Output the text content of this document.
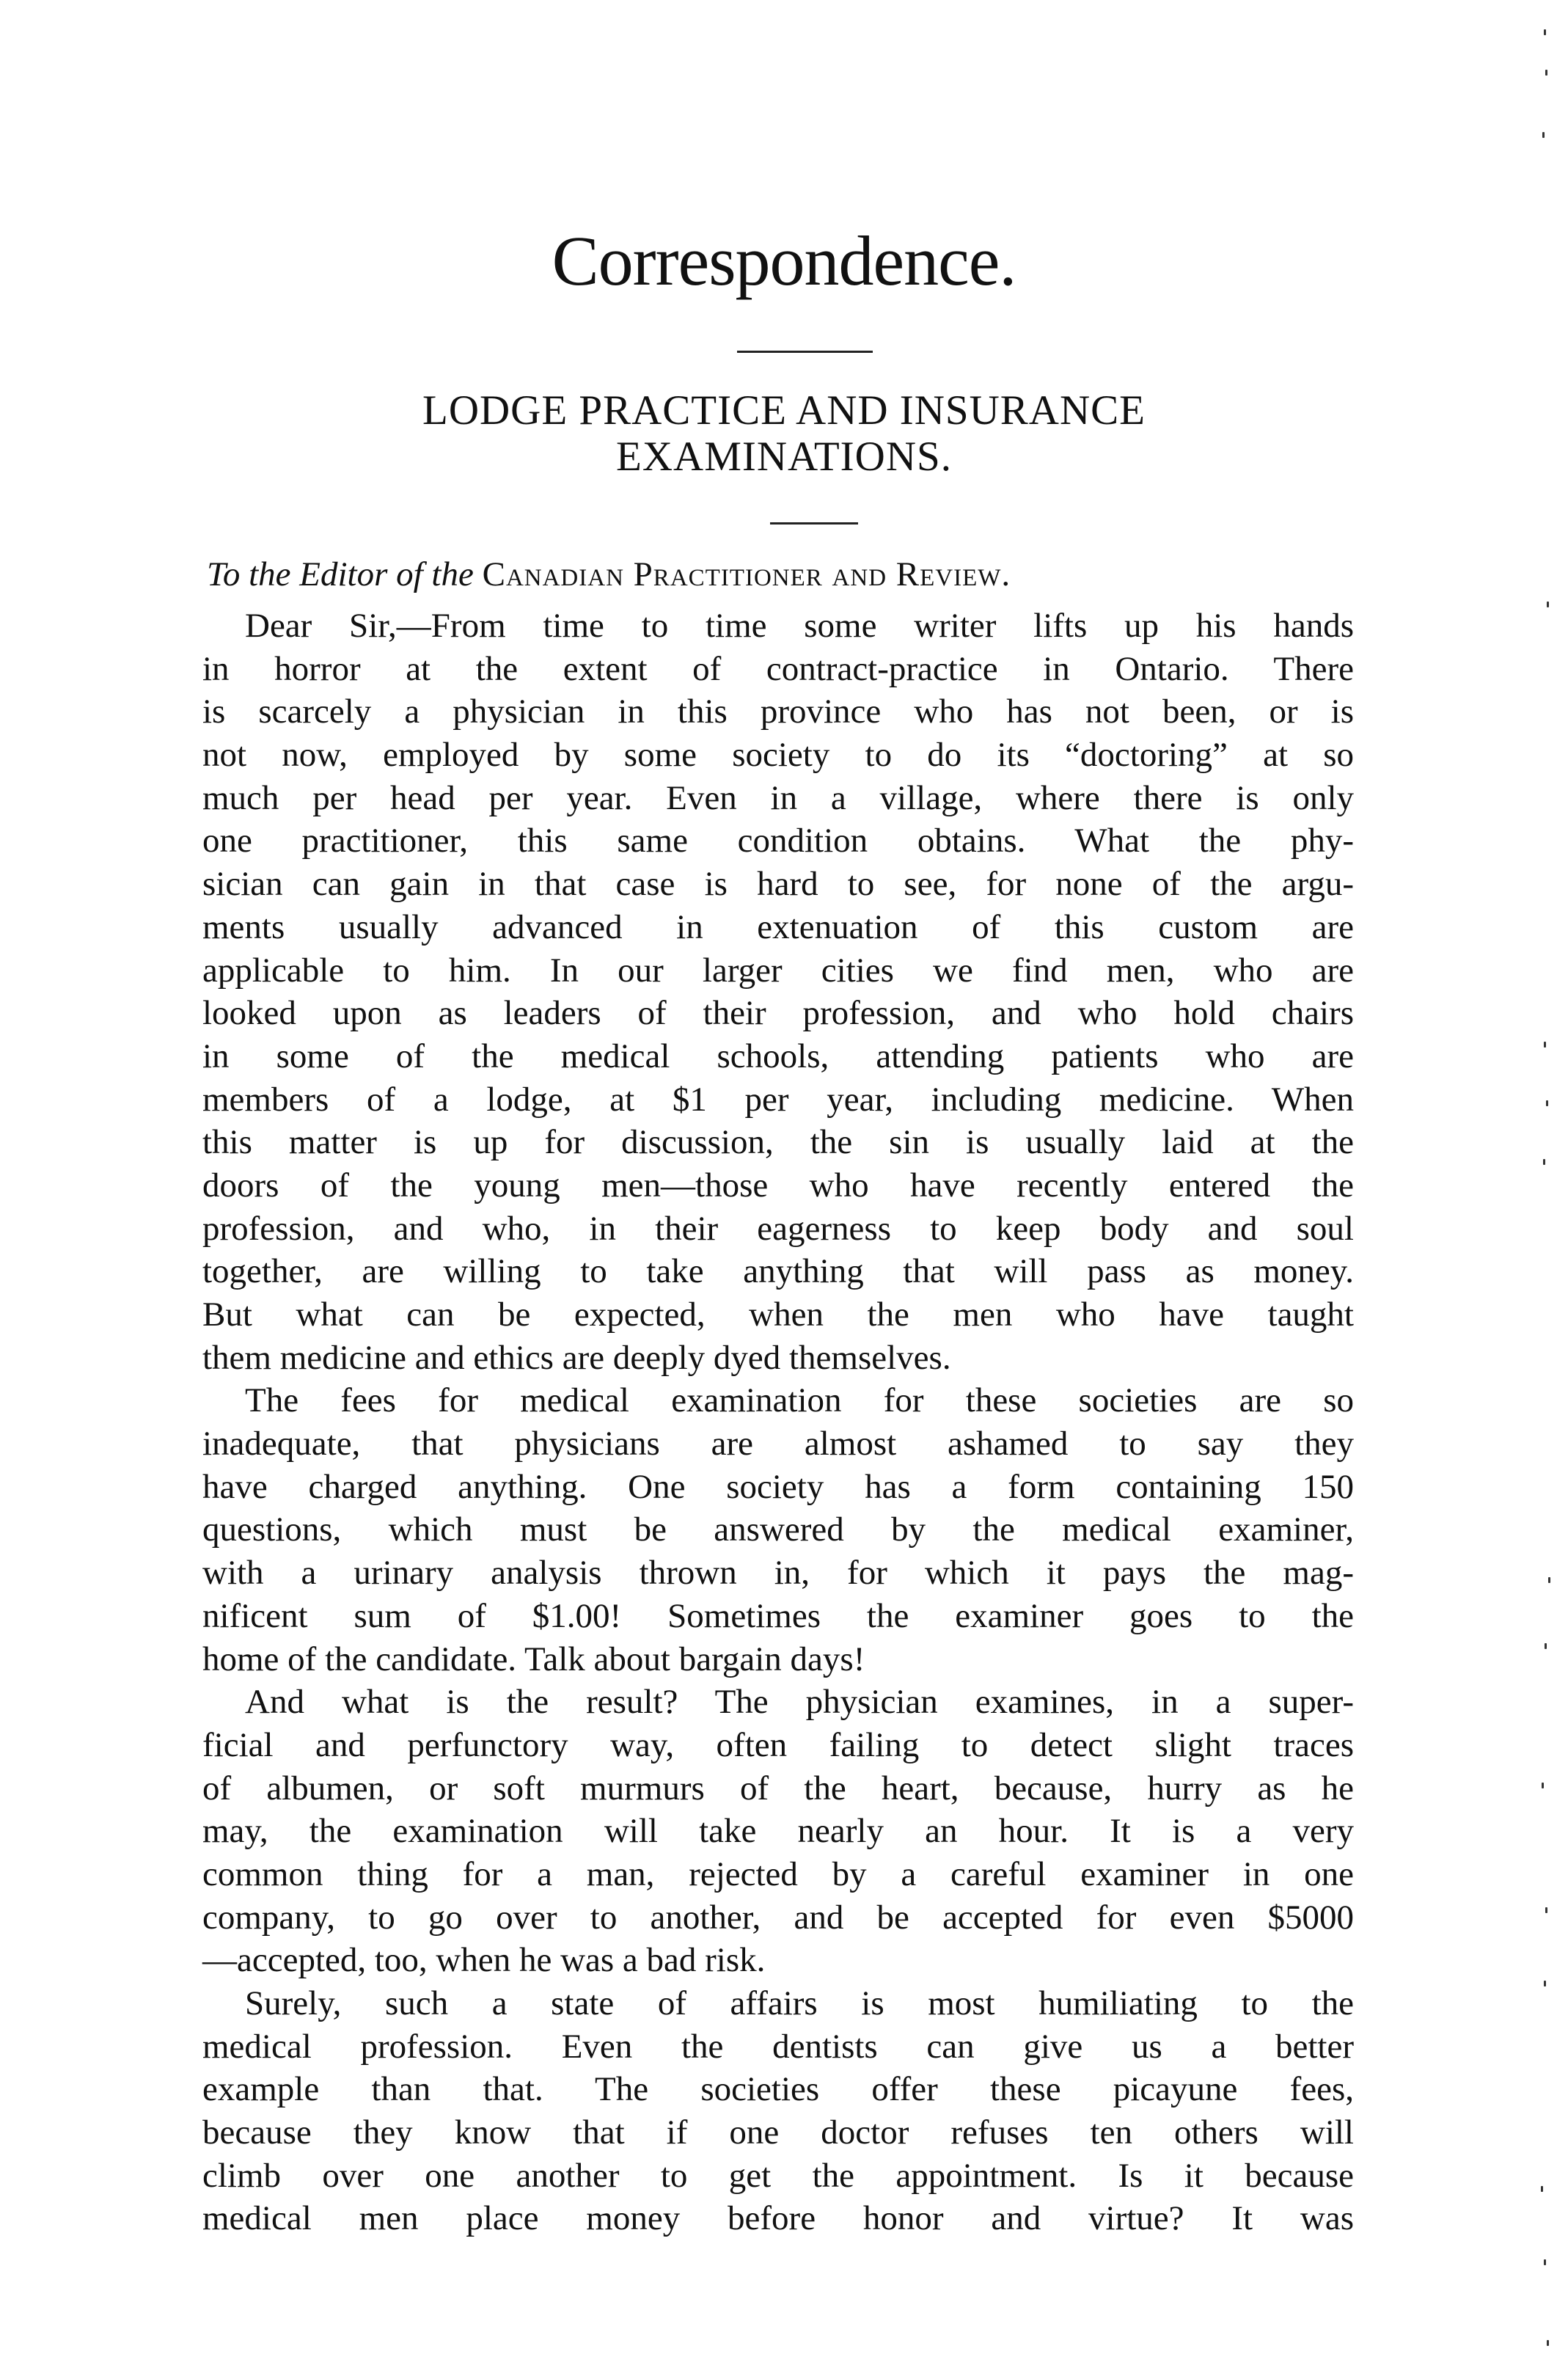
Correspondence.
LODGE PRACTICE AND INSURANCE
EXAMINATIONS.
To the Editor of the Canadian Practitioner and Review.
Dear Sir,—From time to time some writer lifts up his hands
in horror at the extent of contract-practice in Ontario. There
is scarcely a physician in this province who has not been, or is
not now, employed by some society to do its “doctoring” at so
much per head per year. Even in a village, where there is only
one practitioner, this same condition obtains. What the phy-
sician can gain in that case is hard to see, for none of the argu-
ments usually advanced in extenuation of this custom are
applicable to him. In our larger cities we find men, who are
looked upon as leaders of their profession, and who hold chairs
in some of the medical schools, attending patients who are
members of a lodge, at $1 per year, including medicine. When
this matter is up for discussion, the sin is usually laid at the
doors of the young men—those who have recently entered the
profession, and who, in their eagerness to keep body and soul
together, are willing to take anything that will pass as money.
But what can be expected, when the men who have taught
them medicine and ethics are deeply dyed themselves.
The fees for medical examination for these societies are so
inadequate, that physicians are almost ashamed to say they
have charged anything. One society has a form containing 150
questions, which must be answered by the medical examiner,
with a urinary analysis thrown in, for which it pays the mag-
nificent sum of $1.00! Sometimes the examiner goes to the
home of the candidate. Talk about bargain days!
And what is the result? The physician examines, in a super-
ficial and perfunctory way, often failing to detect slight traces
of albumen, or soft murmurs of the heart, because, hurry as he
may, the examination will take nearly an hour. It is a very
common thing for a man, rejected by a careful examiner in one
company, to go over to another, and be accepted for even $5000
—accepted, too, when he was a bad risk.
Surely, such a state of affairs is most humiliating to the
medical profession. Even the dentists can give us a better
example than that. The societies offer these picayune fees,
because they know that if one doctor refuses ten others will
climb over one another to get the appointment. Is it because
medical men place money before honor and virtue? It was
